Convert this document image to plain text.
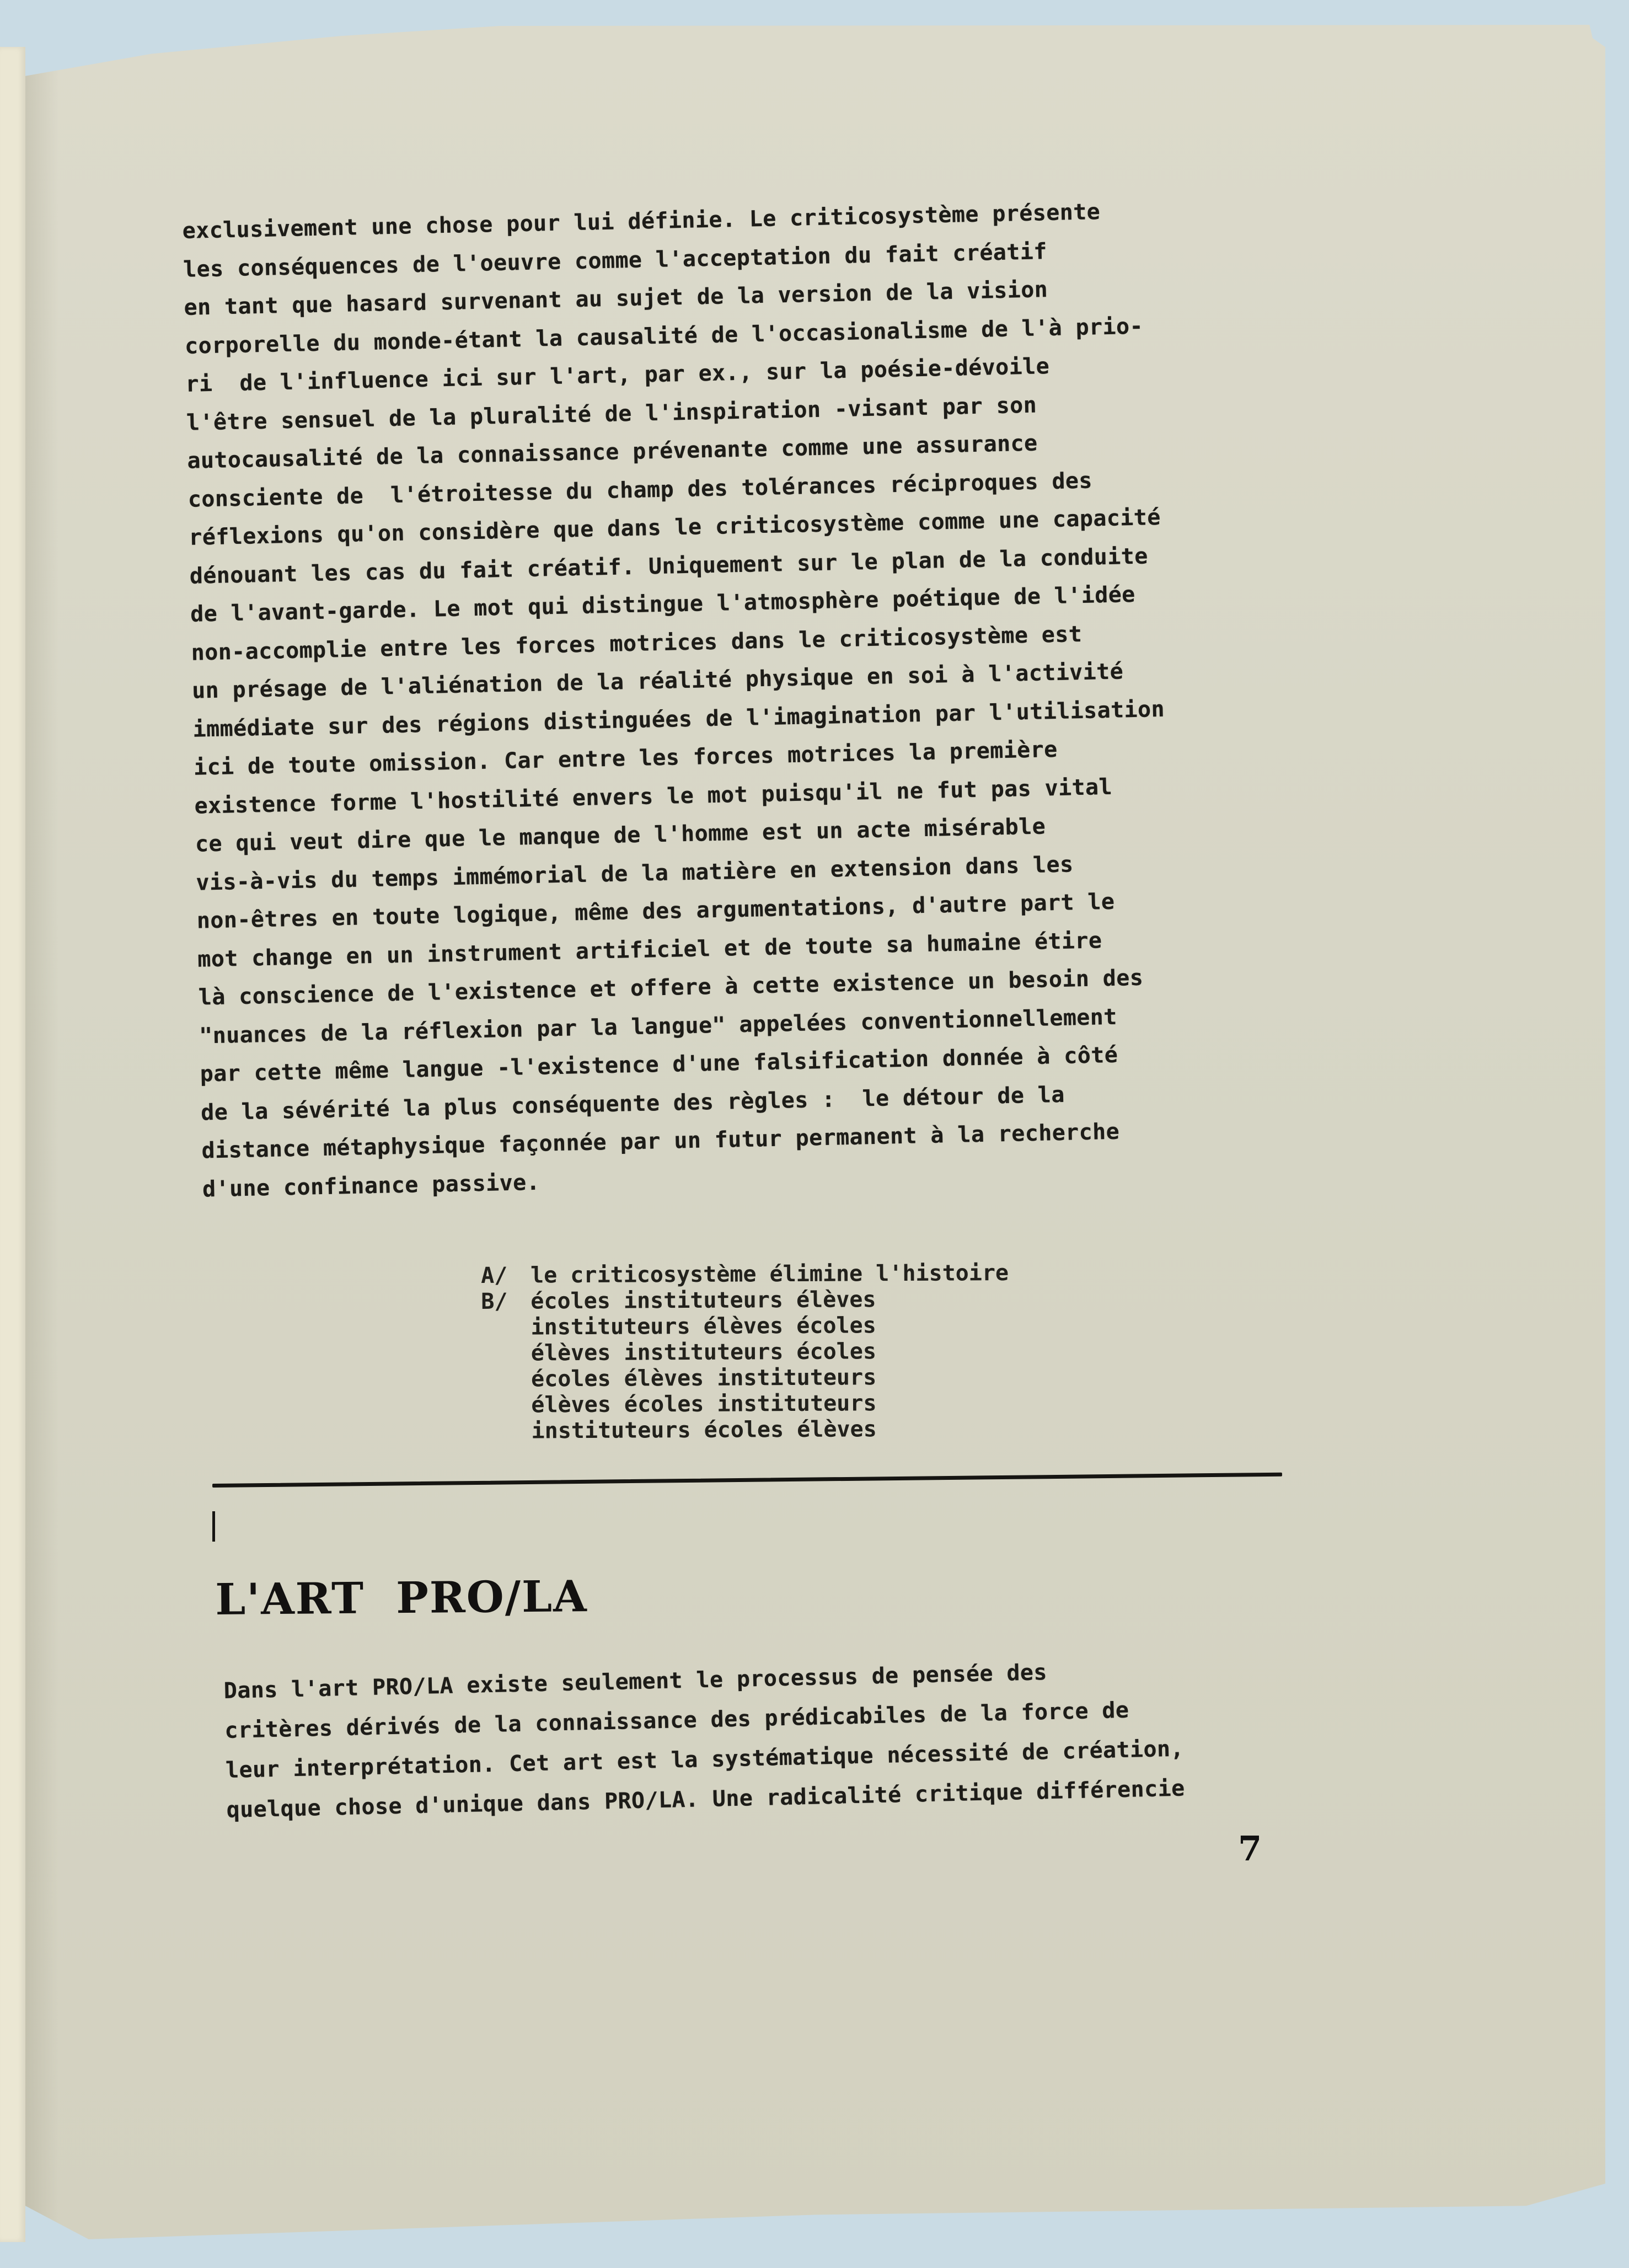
exclusivement une chose pour lui définie. Le criticosystème présente
les conséquences de l'oeuvre comme l'acceptation du fait créatif
en tant que hasard survenant au sujet de la version de la vision
corporelle du monde-étant la causalité de l'occasionalisme de l'à prio-
ri  de l'influence ici sur l'art, par ex., sur la poésie-dévoile
l'être sensuel de la pluralité de l'inspiration -visant par son
autocausalité de la connaissance prévenante comme une assurance
consciente de  l'étroitesse du champ des tolérances réciproques des
réflexions qu'on considère que dans le criticosystème comme une capacité
dénouant les cas du fait créatif. Uniquement sur le plan de la conduite
de l'avant-garde. Le mot qui distingue l'atmosphère poétique de l'idée
non-accomplie entre les forces motrices dans le criticosystème est
un présage de l'aliénation de la réalité physique en soi à l'activité
immédiate sur des régions distinguées de l'imagination par l'utilisation
ici de toute omission. Car entre les forces motrices la première
existence forme l'hostilité envers le mot puisqu'il ne fut pas vital
ce qui veut dire que le manque de l'homme est un acte misérable
vis-à-vis du temps immémorial de la matière en extension dans les
non-êtres en toute logique, même des argumentations, d'autre part le
mot change en un instrument artificiel et de toute sa humaine étire
là conscience de l'existence et offere à cette existence un besoin des
"nuances de la réflexion par la langue" appelées conventionnellement
par cette même langue -l'existence d'une falsification donnée à côté
de la sévérité la plus conséquente des règles :  le détour de la
distance métaphysique façonnée par un futur permanent à la recherche
d'une confinance passive.
A/ le criticosystème élimine l'histoire
B/ écoles instituteurs élèves
instituteurs élèves écoles
élèves instituteurs écoles
écoles élèves instituteurs
élèves écoles instituteurs
instituteurs écoles élèves
L'ART PRO/LA
Dans l'art PRO/LA existe seulement le processus de pensée des
critères dérivés de la connaissance des prédicabiles de la force de
leur interprétation. Cet art est la systématique nécessité de création,
quelque chose d'unique dans PRO/LA. Une radicalité critique différencie
7
